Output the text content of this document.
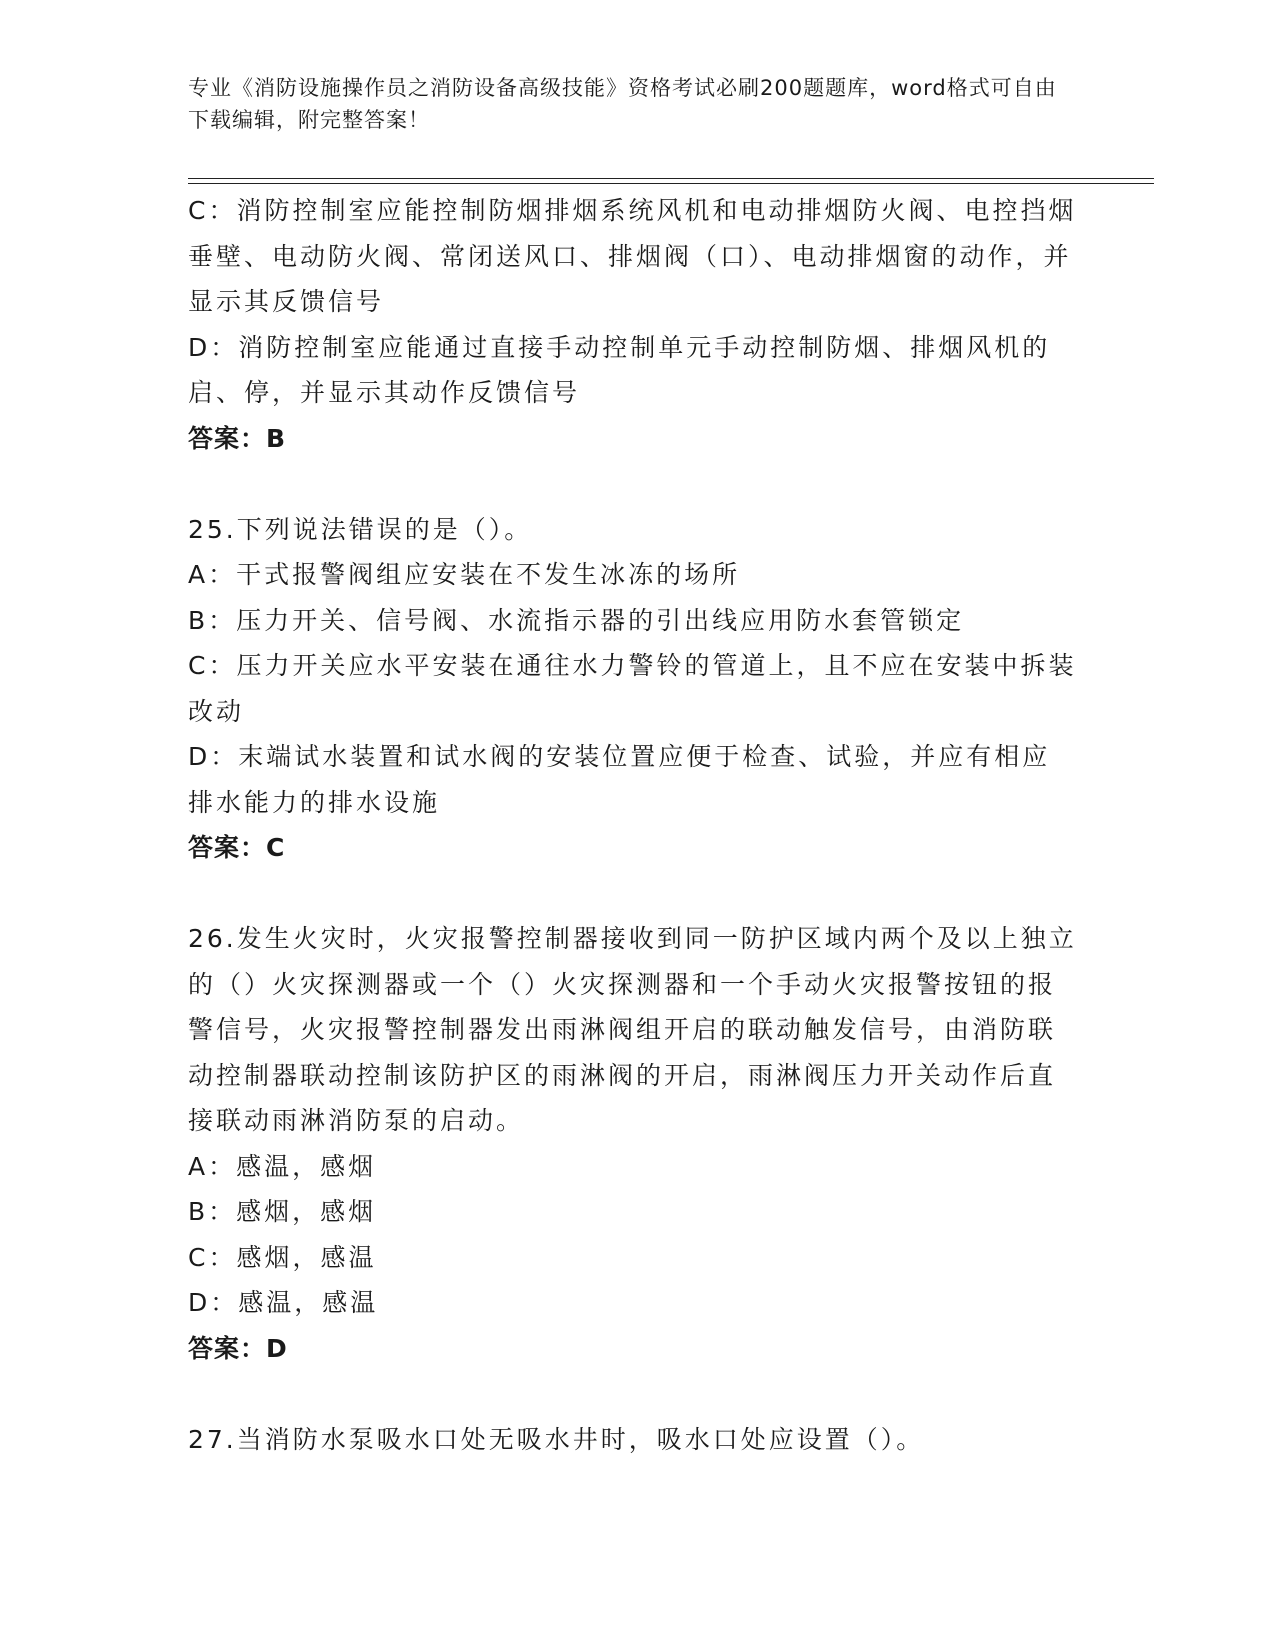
专业《消防设施操作员之消防设备高级技能》资格考试必刷200题题库，word格式可自由下载编辑，附完整答案！

C：消防控制室应能控制防烟排烟系统风机和电动排烟防火阀、电控挡烟垂壁、电动防火阀、常闭送风口、排烟阀（口）、电动排烟窗的动作，并显示其反馈信号

D：消防控制室应能通过直接手动控制单元手动控制防烟、排烟风机的启、停，并显示其动作反馈信号

答案：B

25.下列说法错误的是（）。

A：干式报警阀组应安装在不发生冰冻的场所

B：压力开关、信号阀、水流指示器的引出线应用防水套管锁定

C：压力开关应水平安装在通往水力警铃的管道上，且不应在安装中拆装改动

D：末端试水装置和试水阀的安装位置应便于检查、试验，并应有相应排水能力的排水设施

答案：C

26.发生火灾时，火灾报警控制器接收到同一防护区域内两个及以上独立的（）火灾探测器或一个（）火灾探测器和一个手动火灾报警按钮的报警信号，火灾报警控制器发出雨淋阀组开启的联动触发信号，由消防联动控制器联动控制该防护区的雨淋阀的开启，雨淋阀压力开关动作后直接联动雨淋消防泵的启动。

A：感温，感烟

B：感烟，感烟

C：感烟，感温

D：感温，感温

答案：D

27.当消防水泵吸水口处无吸水井时，吸水口处应设置（）。
